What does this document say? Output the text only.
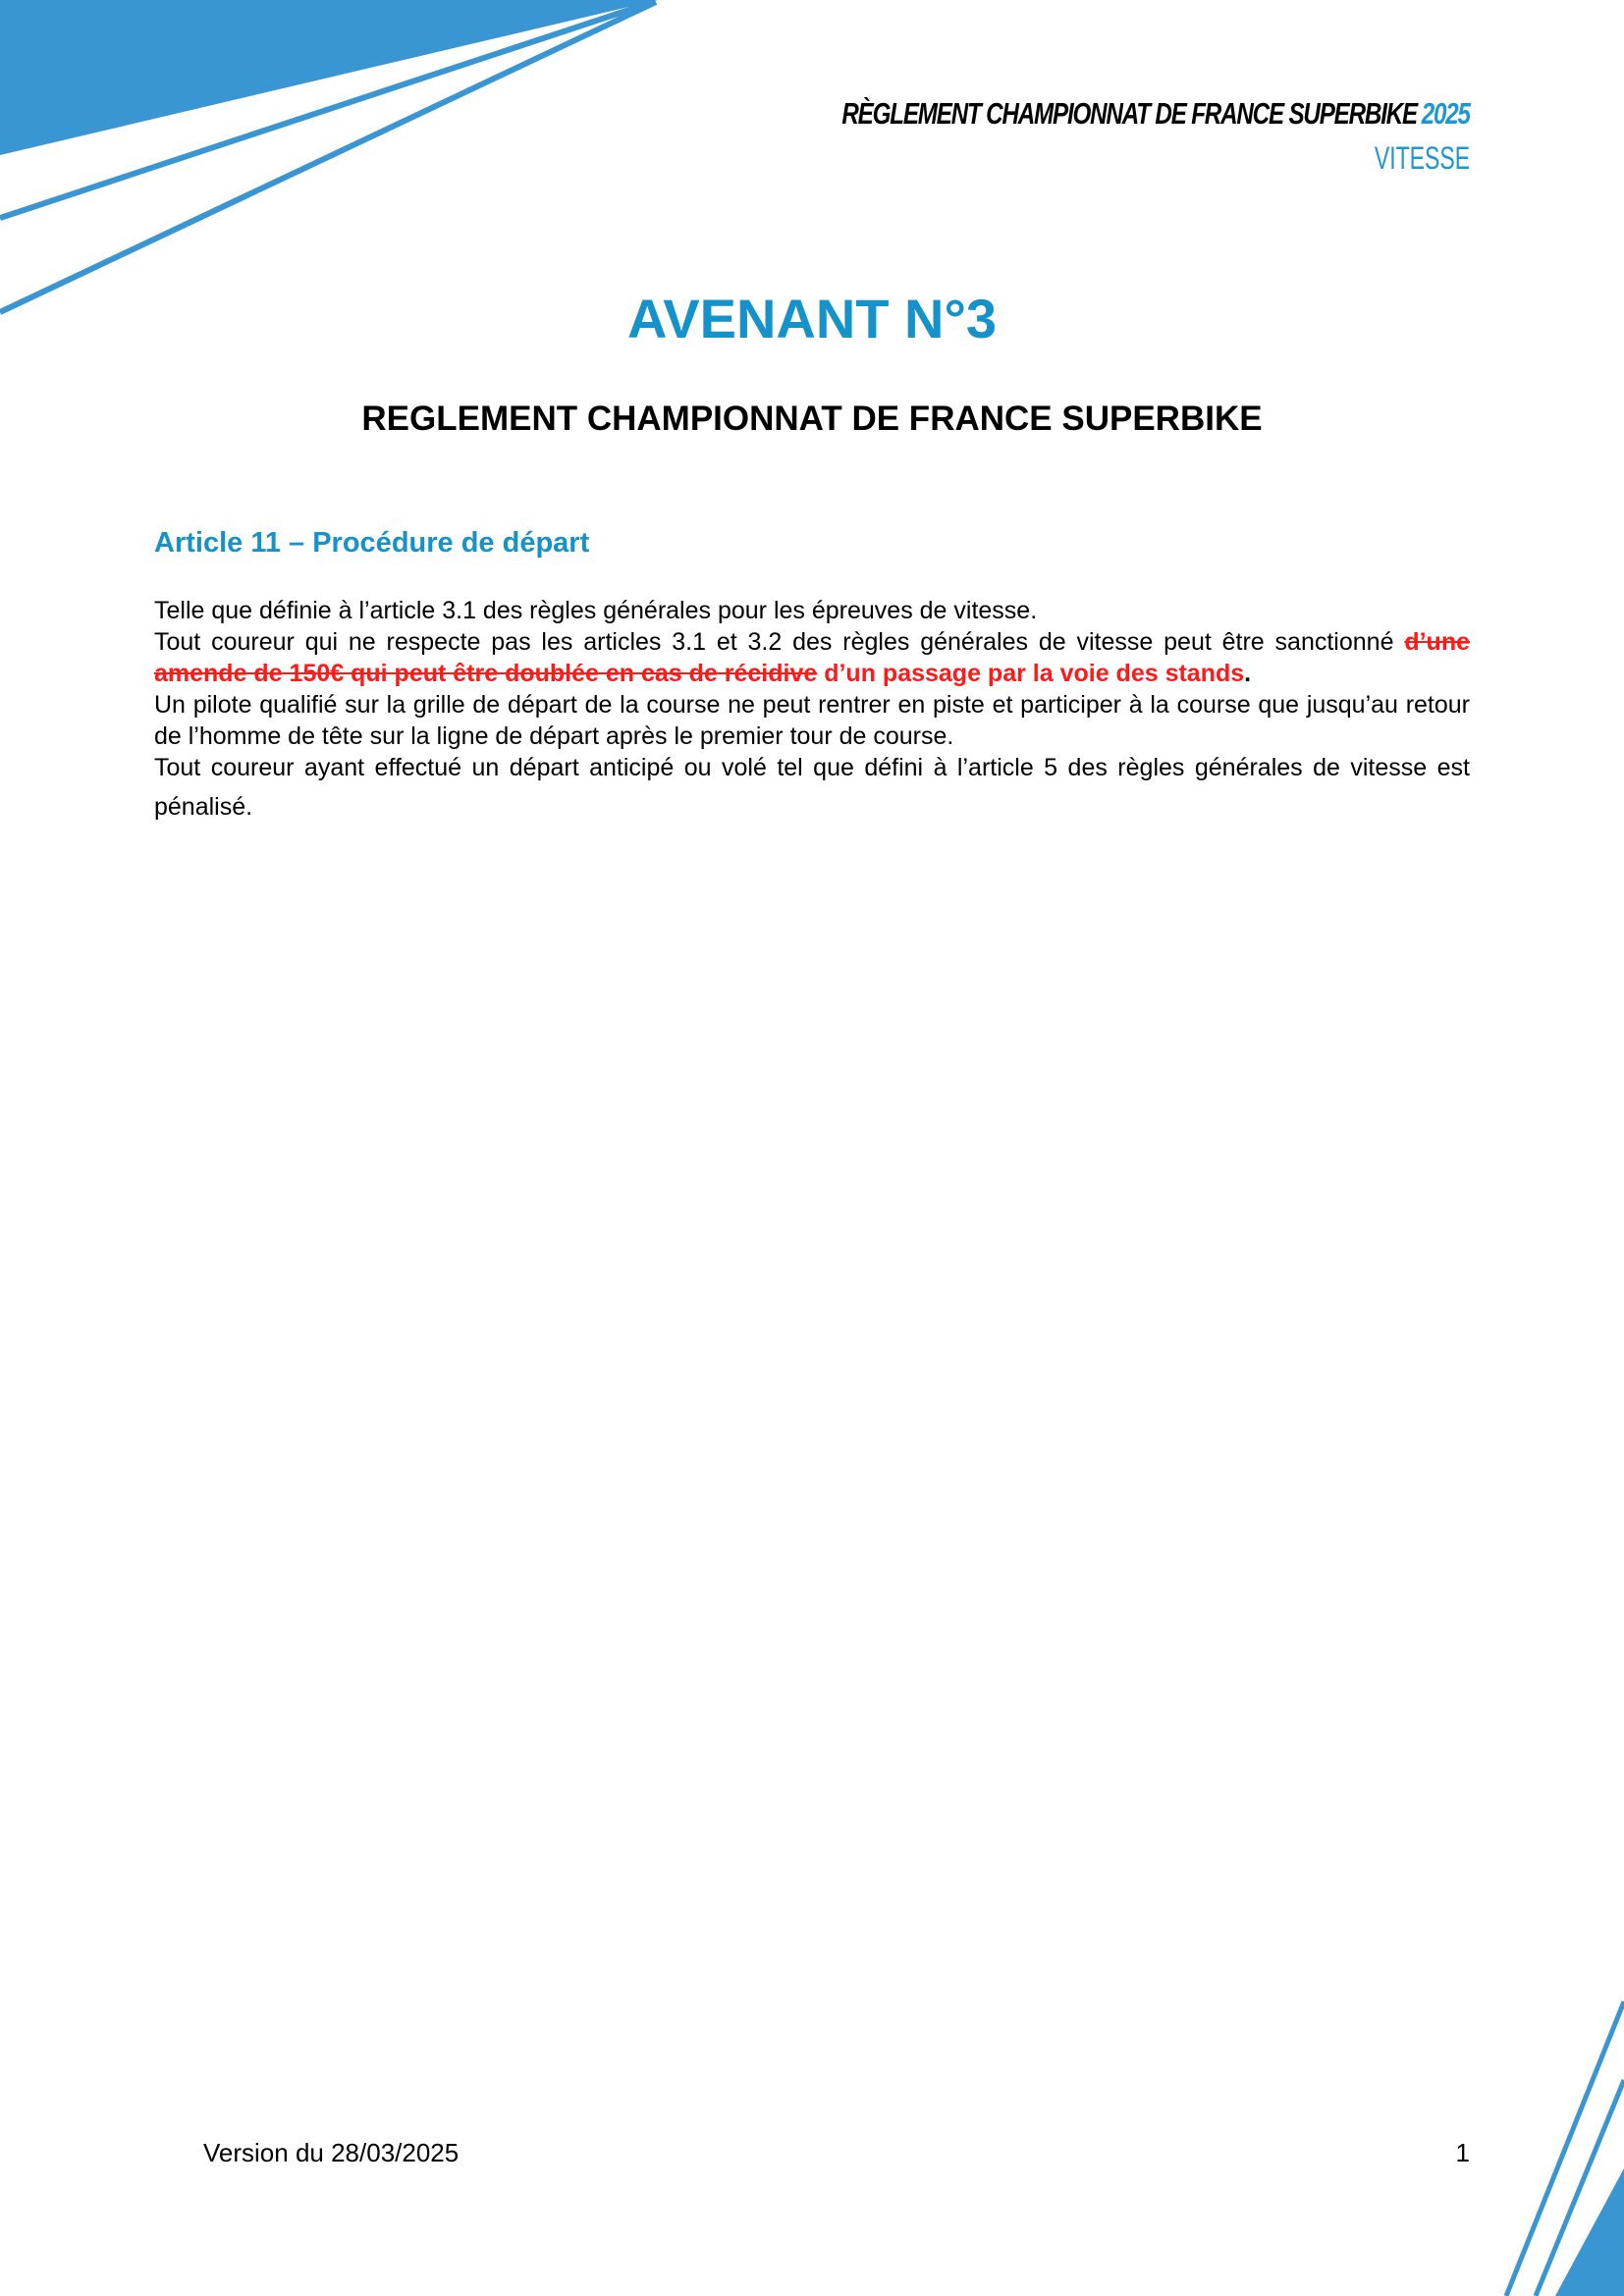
RÈGLEMENT CHAMPIONNAT DE FRANCE SUPERBIKE 2025
VITESSE
AVENANT N°3
REGLEMENT CHAMPIONNAT DE FRANCE SUPERBIKE
Article 11 – Procédure de départ

Telle que définie à l’article 3.1 des règles générales pour les épreuves de vitesse.

Tout coureur qui ne respecte pas les articles 3.1 et 3.2 des règles générales de vitesse peut être sanctionné d’une amende de 150€ qui peut être doublée en cas de récidive d’un passage par la voie des stands.

Un pilote qualifié sur la grille de départ de la course ne peut rentrer en piste et participer à la course que jusqu’au retour de l’homme de tête sur la ligne de départ après le premier tour de course.

Tout coureur ayant effectué un départ anticipé ou volé tel que défini à l’article 5 des règles générales de vitesse est pénalisé.

Version du 28/03/2025	1
